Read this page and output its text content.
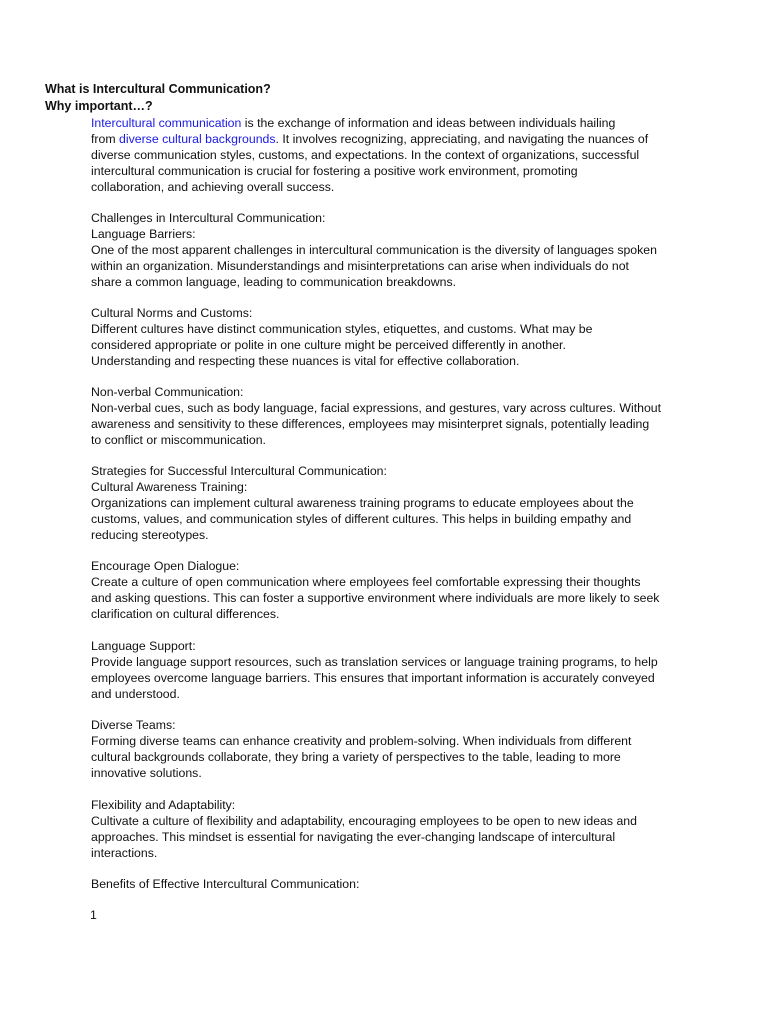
What is Intercultural Communication?
Why important…?
Intercultural communication is the exchange of information and ideas between individuals hailing
from diverse cultural backgrounds. It involves recognizing, appreciating, and navigating the nuances of
diverse communication styles, customs, and expectations. In the context of organizations, successful
intercultural communication is crucial for fostering a positive work environment, promoting
collaboration, and achieving overall success.
Challenges in Intercultural Communication:
Language Barriers:
One of the most apparent challenges in intercultural communication is the diversity of languages spoken
within an organization. Misunderstandings and misinterpretations can arise when individuals do not
share a common language, leading to communication breakdowns.
Cultural Norms and Customs:
Different cultures have distinct communication styles, etiquettes, and customs. What may be
considered appropriate or polite in one culture might be perceived differently in another.
Understanding and respecting these nuances is vital for effective collaboration.
Non-verbal Communication:
Non-verbal cues, such as body language, facial expressions, and gestures, vary across cultures. Without
awareness and sensitivity to these differences, employees may misinterpret signals, potentially leading
to conflict or miscommunication.
Strategies for Successful Intercultural Communication:
Cultural Awareness Training:
Organizations can implement cultural awareness training programs to educate employees about the
customs, values, and communication styles of different cultures. This helps in building empathy and
reducing stereotypes.
Encourage Open Dialogue:
Create a culture of open communication where employees feel comfortable expressing their thoughts
and asking questions. This can foster a supportive environment where individuals are more likely to seek
clarification on cultural differences.
Language Support:
Provide language support resources, such as translation services or language training programs, to help
employees overcome language barriers. This ensures that important information is accurately conveyed
and understood.
Diverse Teams:
Forming diverse teams can enhance creativity and problem-solving. When individuals from different
cultural backgrounds collaborate, they bring a variety of perspectives to the table, leading to more
innovative solutions.
Flexibility and Adaptability:
Cultivate a culture of flexibility and adaptability, encouraging employees to be open to new ideas and
approaches. This mindset is essential for navigating the ever-changing landscape of intercultural
interactions.
Benefits of Effective Intercultural Communication:
1
